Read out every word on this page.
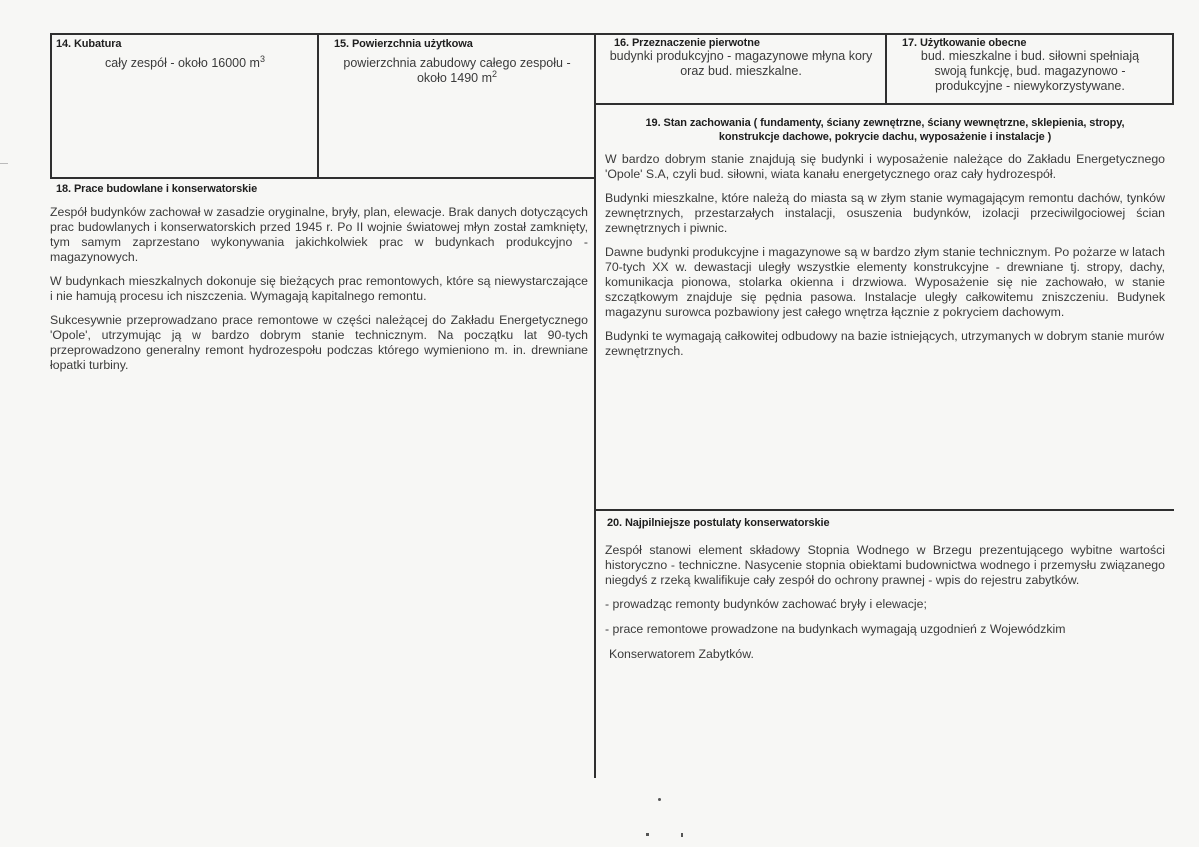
14. Kubatura
cały zespół - około 16000 $m^3$
15. Powierzchnia użytkowa
powierzchnia zabudowy całego zespołu - około 1490 $m^2$
16. Przeznaczenie pierwotne
budynki produkcyjno - magazynowe młyna kory oraz bud. mieszkalne.
17. Użytkowanie obecne
bud. mieszkalne i bud. siłowni spełniają swoją funkcję, bud. magazynowo - produkcyjne - niewykorzystywane.
18. Prace budowlane i konserwatorskie

Zespół budynków zachował w zasadzie oryginalne, bryły, plan, elewacje. Brak danych dotyczących prac budowlanych i konserwatorskich przed 1945 r. Po II wojnie światowej młyn został zamknięty, tym samym zaprzestano wykonywania jakichkolwiek prac w budynkach produkcyjno - magazynowych.

W budynkach mieszkalnych dokonuje się bieżących prac remontowych, które są niewystarczające i nie hamują procesu ich niszczenia. Wymagają kapitalnego remontu.

Sukcesywnie przeprowadzano prace remontowe w części należącej do Zakładu Energetycznego 'Opole', utrzymując ją w bardzo dobrym stanie technicznym. Na początku lat 90-tych przeprowadzono generalny remont hydrozespołu podczas którego wymieniono m. in. drewniane łopatki turbiny.

19. Stan zachowania ( fundamenty, ściany zewnętrzne, ściany wewnętrzne, sklepienia, stropy, konstrukcje dachowe, pokrycie dachu, wyposażenie i instalacje )

W bardzo dobrym stanie znajdują się budynki i wyposażenie należące do Zakładu Energetycznego 'Opole' S.A, czyli bud. siłowni, wiata kanału energetycznego oraz cały hydrozespół.

Budynki mieszkalne, które należą do miasta są w złym stanie wymagającym remontu dachów, tynków zewnętrznych, przestarzałych instalacji, osuszenia budynków, izolacji przeciwilgociowej ścian zewnętrznych i piwnic.

Dawne budynki produkcyjne i magazynowe są w bardzo złym stanie technicznym. Po pożarze w latach 70-tych XX w. dewastacji uległy wszystkie elementy konstrukcyjne - drewniane tj. stropy, dachy, komunikacja pionowa, stolarka okienna i drzwiowa. Wyposażenie się nie zachowało, w stanie szczątkowym znajduje się pędnia pasowa. Instalacje uległy całkowitemu zniszczeniu. Budynek magazynu surowca pozbawiony jest całego wnętrza łącznie z pokryciem dachowym.

Budynki te wymagają całkowitej odbudowy na bazie istniejących, utrzymanych w dobrym stanie murów zewnętrznych.

20. Najpilniejsze postulaty konserwatorskie

Zespół stanowi element składowy Stopnia Wodnego w Brzegu prezentującego wybitne wartości historyczno - techniczne. Nasycenie stopnia obiektami budownictwa wodnego i przemysłu związanego niegdyś z rzeką kwalifikuje cały zespół do ochrony prawnej - wpis do rejestru zabytków.

- prowadząc remonty budynków zachować bryły i elewacje;

- prace remontowe prowadzone na budynkach wymagają uzgodnień z Wojewódzkim

Konserwatorem Zabytków.
